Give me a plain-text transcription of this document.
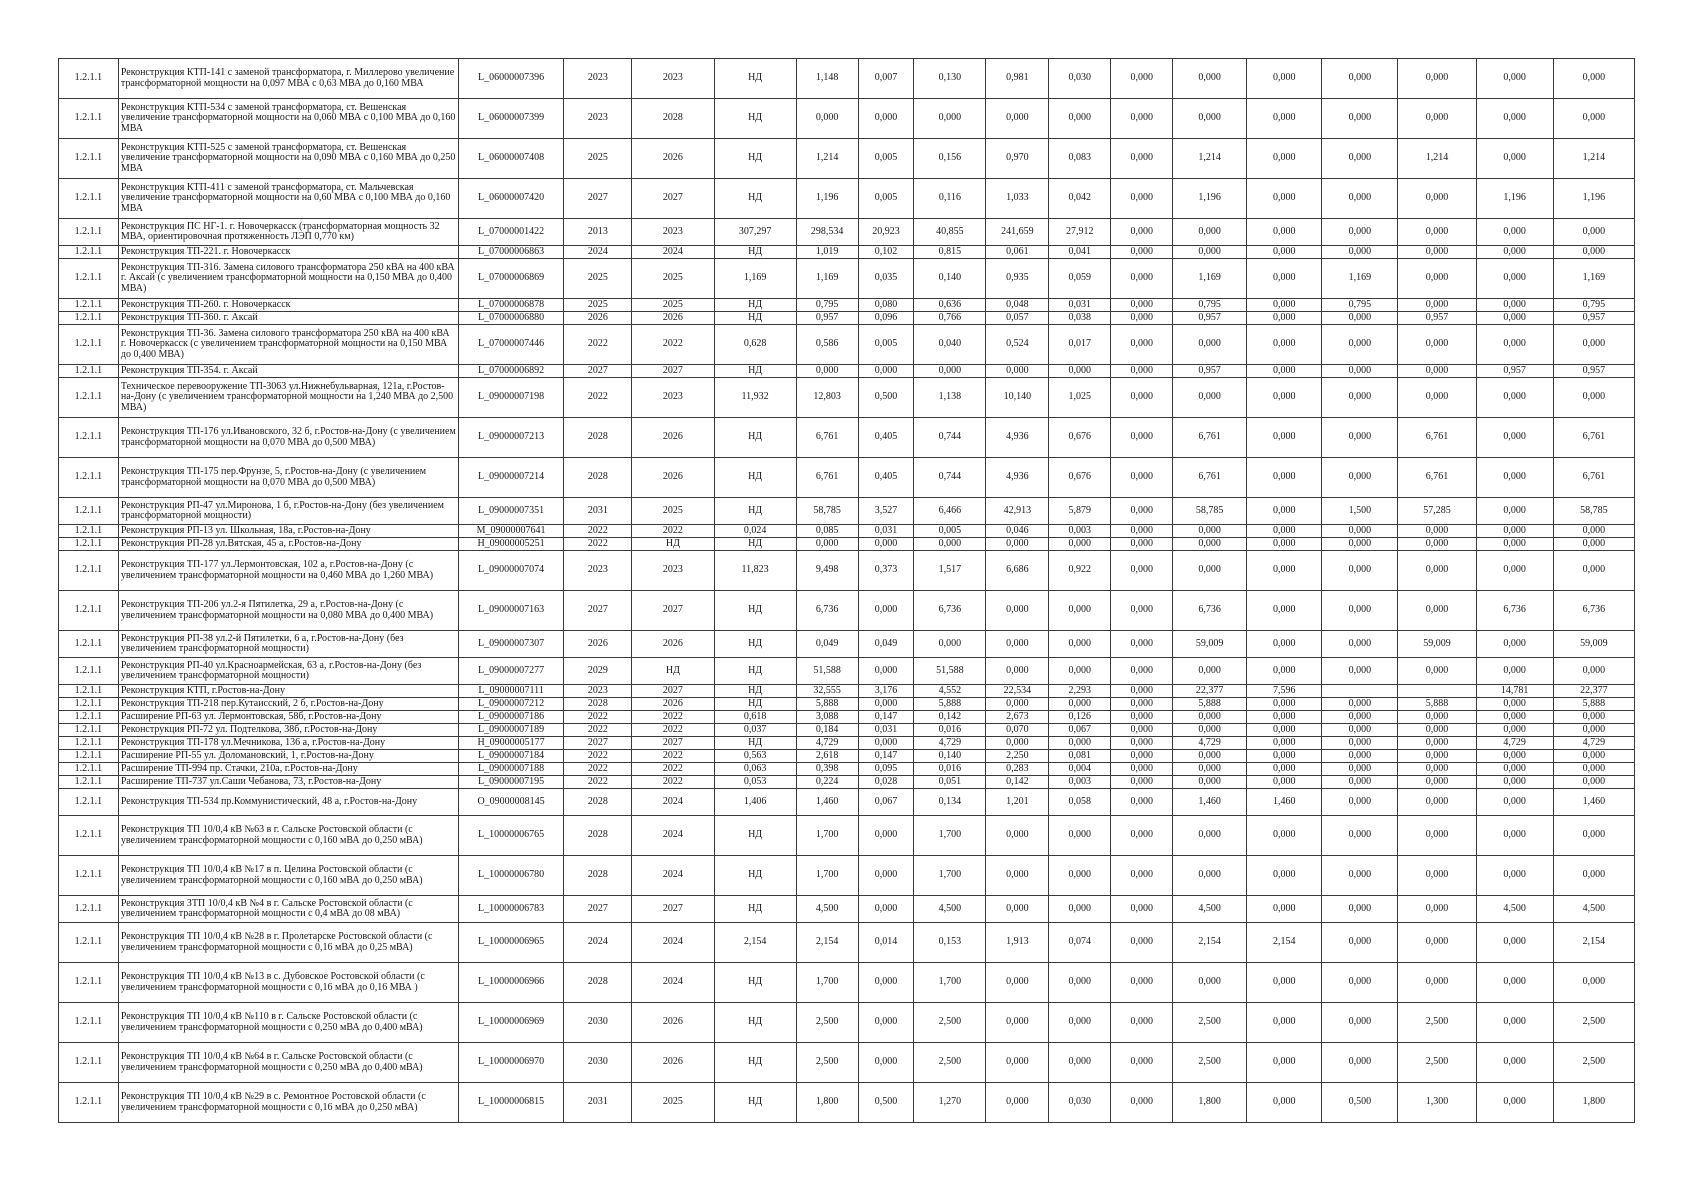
1.2.1.1	Реконструкция КТП-141 с заменой трансформатора, г. Миллерово увеличение трансформаторной мощности на 0,097 МВА с 0,63 МВА до 0,160 МВА	L_06000007396	2023	2023	НД	1,148	0,007	0,130	0,981	0,030	0,000	0,000	0,000	0,000	0,000	0,000	0,000
1.2.1.1	Реконструкция КТП-534 с заменой трансформатора, ст. Вешенская увеличение трансформаторной мощности на 0,060 МВА с 0,100 МВА до 0,160 МВА	L_06000007399	2023	2028	НД	0,000	0,000	0,000	0,000	0,000	0,000	0,000	0,000	0,000	0,000	0,000	0,000
1.2.1.1	Реконструкция КТП-525 с заменой трансформатора, ст. Вешенская увеличение трансформаторной мощности на 0,090 МВА с 0,160 МВА до 0,250 МВА	L_06000007408	2025	2026	НД	1,214	0,005	0,156	0,970	0,083	0,000	1,214	0,000	0,000	1,214	0,000	1,214
1.2.1.1	Реконструкция КТП-411 с заменой трансформатора, ст. Мальчевская увеличение трансформаторной мощности на 0,60 МВА с 0,100 МВА до 0,160 МВА	L_06000007420	2027	2027	НД	1,196	0,005	0,116	1,033	0,042	0,000	1,196	0,000	0,000	0,000	1,196	1,196
1.2.1.1	Реконструкция ПС НГ-1. г. Новочеркасск (трансформаторная мощность 32 МВА, ориентировочная протяженность ЛЭП 0,770 км)	L_07000001422	2013	2023	307,297	298,534	20,923	40,855	241,659	27,912	0,000	0,000	0,000	0,000	0,000	0,000	0,000
1.2.1.1	Реконструкция ТП-221. г. Новочеркасск	L_07000006863	2024	2024	НД	1,019	0,102	0,815	0,061	0,041	0,000	0,000	0,000	0,000	0,000	0,000	0,000
1.2.1.1	Реконструкция ТП-316. Замена силового трансформатора 250 кВА на 400 кВА г. Аксай (с увеличением трансформаторной мощности на 0,150 МВА до 0,400 МВА)	L_07000006869	2025	2025	1,169	1,169	0,035	0,140	0,935	0,059	0,000	1,169	0,000	1,169	0,000	0,000	1,169
1.2.1.1	Реконструкция ТП-260. г. Новочеркасск	L_07000006878	2025	2025	НД	0,795	0,080	0,636	0,048	0,031	0,000	0,795	0,000	0,795	0,000	0,000	0,795
1.2.1.1	Реконструкция ТП-360. г. Аксай	L_07000006880	2026	2026	НД	0,957	0,096	0,766	0,057	0,038	0,000	0,957	0,000	0,000	0,957	0,000	0,957
1.2.1.1	Реконструкция ТП-36. Замена силового трансформатора 250 кВА на 400 кВА г. Новочеркасск (с увеличением трансформаторной мощности на 0,150 МВА до 0,400 МВА)	L_07000007446	2022	2022	0,628	0,586	0,005	0,040	0,524	0,017	0,000	0,000	0,000	0,000	0,000	0,000	0,000
1.2.1.1	Реконструкция ТП-354. г. Аксай	L_07000006892	2027	2027	НД	0,000	0,000	0,000	0,000	0,000	0,000	0,957	0,000	0,000	0,000	0,957	0,957
1.2.1.1	Техническое перевооружение ТП-3063 ул.Нижнебульварная, 121а, г.Ростов-на-Дону (с увеличением трансформаторной мощности на 1,240 МВА до 2,500 МВА)	L_09000007198	2022	2023	11,932	12,803	0,500	1,138	10,140	1,025	0,000	0,000	0,000	0,000	0,000	0,000	0,000
1.2.1.1	Реконструкция ТП-176 ул.Ивановского, 32 б, г.Ростов-на-Дону (с увеличением трансформаторной мощности на 0,070 МВА до 0,500 МВА)	L_09000007213	2028	2026	НД	6,761	0,405	0,744	4,936	0,676	0,000	6,761	0,000	0,000	6,761	0,000	6,761
1.2.1.1	Реконструкция ТП-175 пер.Фрунзе, 5, г.Ростов-на-Дону (с увеличением трансформаторной мощности на 0,070 МВА до 0,500 МВА)	L_09000007214	2028	2026	НД	6,761	0,405	0,744	4,936	0,676	0,000	6,761	0,000	0,000	6,761	0,000	6,761
1.2.1.1	Реконструкция РП-47 ул.Миронова, 1 б, г.Ростов-на-Дону (без увеличением трансформаторной мощности)	L_09000007351	2031	2025	НД	58,785	3,527	6,466	42,913	5,879	0,000	58,785	0,000	1,500	57,285	0,000	58,785
1.2.1.1	Реконструкция РП-13 ул. Школьная, 18а, г.Ростов-на-Дону	M_09000007641	2022	2022	0,024	0,085	0,031	0,005	0,046	0,003	0,000	0,000	0,000	0,000	0,000	0,000	0,000
1.2.1.1	Реконструкция РП-28 ул.Вятская, 45 а, г.Ростов-на-Дону	H_09000005251	2022	НД	НД	0,000	0,000	0,000	0,000	0,000	0,000	0,000	0,000	0,000	0,000	0,000	0,000
1.2.1.1	Реконструкция ТП-177 ул.Лермонтовская, 102 а, г.Ростов-на-Дону (с увеличением трансформаторной мощности на 0,460 МВА до 1,260 МВА)	L_09000007074	2023	2023	11,823	9,498	0,373	1,517	6,686	0,922	0,000	0,000	0,000	0,000	0,000	0,000	0,000
1.2.1.1	Реконструкция ТП-206 ул.2-я Пятилетка, 29 а, г.Ростов-на-Дону (с увеличением трансформаторной мощности на 0,080 МВА до 0,400 МВА)	L_09000007163	2027	2027	НД	6,736	0,000	6,736	0,000	0,000	0,000	6,736	0,000	0,000	0,000	6,736	6,736
1.2.1.1	Реконструкция РП-38 ул.2-й Пятилетки, 6 а, г.Ростов-на-Дону (без увеличением трансформаторной мощности)	L_09000007307	2026	2026	НД	0,049	0,049	0,000	0,000	0,000	0,000	59,009	0,000	0,000	59,009	0,000	59,009
1.2.1.1	Реконструкция РП-40 ул.Красноармейская, 63 а, г.Ростов-на-Дону (без увеличением трансформаторной мощности)	L_09000007277	2029	НД	НД	51,588	0,000	51,588	0,000	0,000	0,000	0,000	0,000	0,000	0,000	0,000	0,000
1.2.1.1	Реконструкция КТП, г.Ростов-на-Дону	L_09000007111	2023	2027	НД	32,555	3,176	4,552	22,534	2,293	0,000	22,377	7,596			14,781	22,377
1.2.1.1	Реконструкция ТП-218 пер.Кутаисский, 2 б, г.Ростов-на-Дону	L_09000007212	2028	2026	НД	5,888	0,000	5,888	0,000	0,000	0,000	5,888	0,000	0,000	5,888	0,000	5,888
1.2.1.1	Расширение РП-63 ул. Лермонтовская, 58б, г.Ростов-на-Дону	L_09000007186	2022	2022	0,618	3,088	0,147	0,142	2,673	0,126	0,000	0,000	0,000	0,000	0,000	0,000	0,000
1.2.1.1	Реконструкция РП-72 ул. Подтелкова, 38б, г.Ростов-на-Дону	L_09000007189	2022	2022	0,037	0,184	0,031	0,016	0,070	0,067	0,000	0,000	0,000	0,000	0,000	0,000	0,000
1.2.1.1	Реконструкция ТП-178 ул.Мечникова, 136 а, г.Ростов-на-Дону	H_09000005177	2027	2027	НД	4,729	0,000	4,729	0,000	0,000	0,000	4,729	0,000	0,000	0,000	4,729	4,729
1.2.1.1	Расширение РП-55 ул. Доломановский, 1, г.Ростов-на-Дону	L_09000007184	2022	2022	0,563	2,618	0,147	0,140	2,250	0,081	0,000	0,000	0,000	0,000	0,000	0,000	0,000
1.2.1.1	Расширение ТП-994 пр. Стачки, 210а, г.Ростов-на-Дону	L_09000007188	2022	2022	0,063	0,398	0,095	0,016	0,283	0,004	0,000	0,000	0,000	0,000	0,000	0,000	0,000
1.2.1.1	Расширение ТП-737 ул.Саши Чебанова, 73, г.Ростов-на-Дону	L_09000007195	2022	2022	0,053	0,224	0,028	0,051	0,142	0,003	0,000	0,000	0,000	0,000	0,000	0,000	0,000
1.2.1.1	Реконструкция ТП-534 пр.Коммунистический, 48 а, г.Ростов-на-Дону	O_09000008145	2028	2024	1,406	1,460	0,067	0,134	1,201	0,058	0,000	1,460	1,460	0,000	0,000	0,000	1,460
1.2.1.1	Реконструкция ТП 10/0,4 кВ №63 в г. Сальске Ростовской области (с увеличением трансформаторной мощности с 0,160 мВА до 0,250 мВА)	L_10000006765	2028	2024	НД	1,700	0,000	1,700	0,000	0,000	0,000	0,000	0,000	0,000	0,000	0,000	0,000
1.2.1.1	Реконструкция ТП 10/0,4 кВ №17 в п. Целина Ростовской области (с увеличением трансформаторной мощности с 0,160 мВА до 0,250 мВА)	L_10000006780	2028	2024	НД	1,700	0,000	1,700	0,000	0,000	0,000	0,000	0,000	0,000	0,000	0,000	0,000
1.2.1.1	Реконструкция ЗТП 10/0,4 кВ №4 в г. Сальске Ростовской области (с увеличением трансформаторной мощности с 0,4 мВА до 08 мВА)	L_10000006783	2027	2027	НД	4,500	0,000	4,500	0,000	0,000	0,000	4,500	0,000	0,000	0,000	4,500	4,500
1.2.1.1	Реконструкция ТП 10/0,4 кВ №28 в г. Пролетарске Ростовской области (с увеличением трансформаторной мощности с 0,16 мВА до 0,25 мВА)	L_10000006965	2024	2024	2,154	2,154	0,014	0,153	1,913	0,074	0,000	2,154	2,154	0,000	0,000	0,000	2,154
1.2.1.1	Реконструкция ТП 10/0,4 кВ №13 в с. Дубовское Ростовской области (с увеличением трансформаторной мощности с 0,16 мВА до 0,16 МВА )	L_10000006966	2028	2024	НД	1,700	0,000	1,700	0,000	0,000	0,000	0,000	0,000	0,000	0,000	0,000	0,000
1.2.1.1	Реконструкция ТП 10/0,4 кВ №110 в г. Сальске Ростовской области (с увеличением трансформаторной мощности с 0,250 мВА до 0,400 мВА)	L_10000006969	2030	2026	НД	2,500	0,000	2,500	0,000	0,000	0,000	2,500	0,000	0,000	2,500	0,000	2,500
1.2.1.1	Реконструкция ТП 10/0,4 кВ №64 в г. Сальске Ростовской области (с увеличением трансформаторной мощности с 0,250 мВА до 0,400 мВА)	L_10000006970	2030	2026	НД	2,500	0,000	2,500	0,000	0,000	0,000	2,500	0,000	0,000	2,500	0,000	2,500
1.2.1.1	Реконструкция ТП 10/0,4 кВ №29 в с. Ремонтное Ростовской области (с увеличением трансформаторной мощности с 0,16 мВА до 0,250 мВА)	L_10000006815	2031	2025	НД	1,800	0,500	1,270	0,000	0,030	0,000	1,800	0,000	0,500	1,300	0,000	1,800
